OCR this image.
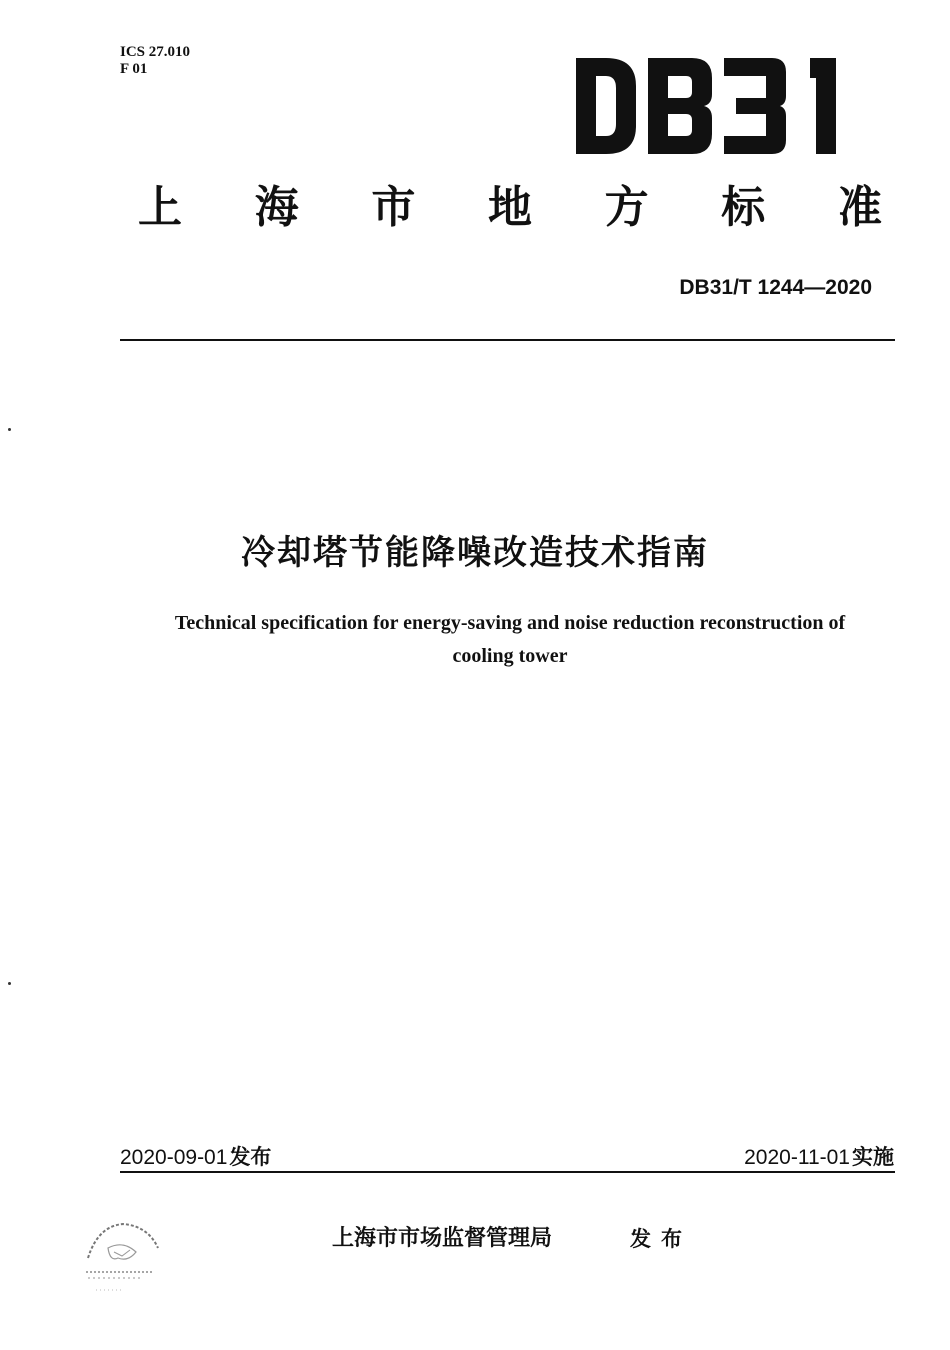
ICS 27.010
F 01
上 海 市 地 方 标 准
DB31/T 1244—2020
冷却塔节能降噪改造技术指南
Technical specification for energy-saving and noise reduction reconstruction of
cooling tower
2020-09-01发布	2020-11-01实施
上海市市场监督管理局	发布
